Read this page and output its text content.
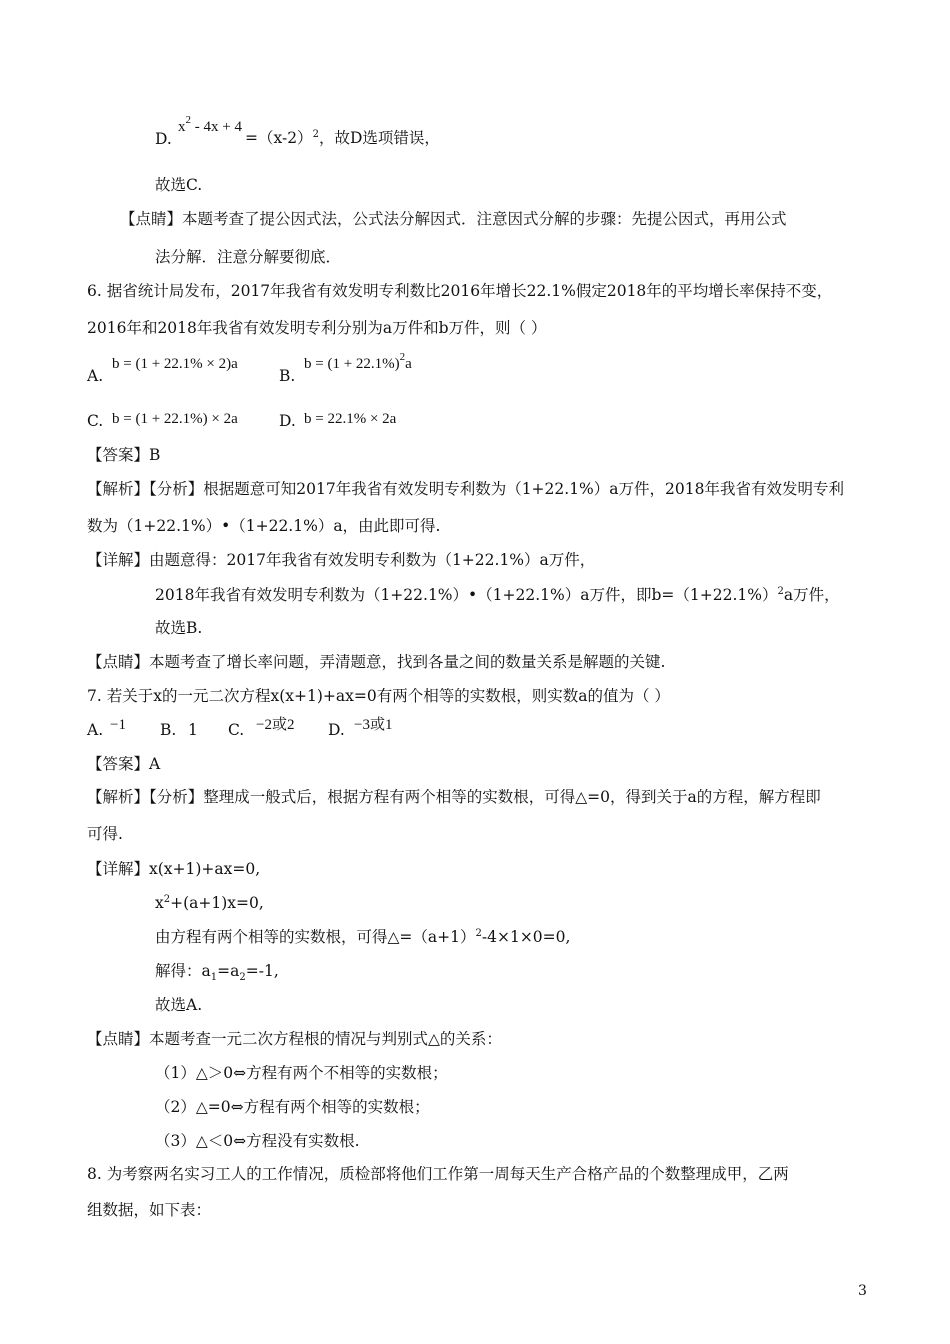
D.
$x^2 - 4x + 4$
$=(x-2)^2$，故D选项错误，
故选C.
【点睛】本题考查了提公因式法，公式法分解因式．注意因式分解的步骤：先提公因式，再用公式
法分解．注意分解要彻底．
6. 据省统计局发布，2017年我省有效发明专利数比2016年增长22.1%假定2018年的平均增长率保持不变，
2016年和2018年我省有效发明专利分别为a万件和b万件，则（ ）
A.
b = (1 + 22.1% × 2)a
B.
$b = (1 + 22.1\%)^2a$
C. b = (1 + 22.1%) × 2a	D. b = 22.1% × 2a
【答案】B
【解析】【分析】根据题意可知2017年我省有效发明专利数为（1+22.1%）a万件，2018年我省有效发明专利
数为（1+22.1%）•（1+22.1%）a，由此即可得.
【详解】由题意得：2017年我省有效发明专利数为（1+22.1%）a万件，
2018年我省有效发明专利数为（1+22.1%）•（1+22.1%）a万件，即$b=(1+22.1\%)^2a$万件，
故选B.
【点睛】本题考查了增长率问题，弄清题意，找到各量之间的数量关系是解题的关键.
7. 若关于x的一元二次方程x(x+1)+ax=0有两个相等的实数根，则实数a的值为（ ）
A. −1 B. 1 C. −2或2 D. −3或1
【答案】A
【解析】【分析】整理成一般式后，根据方程有两个相等的实数根，可得△=0，得到关于a的方程，解方程即
可得.
【详解】x(x+1)+ax=0,
$x^2+(a+1)x=0$,
由方程有两个相等的实数根，可得$\triangle=(a+1)^2-4\times 1\times 0=0$,
解得：$a_1=a_2=-1$,
故选A.
【点睛】本题考查一元二次方程根的情况与判别式△的关系：
（1）△＞0⇔方程有两个不相等的实数根；
（2）△=0⇔方程有两个相等的实数根；
（3）△＜0⇔方程没有实数根.
8. 为考察两名实习工人的工作情况，质检部将他们工作第一周每天生产合格产品的个数整理成甲，乙两
组数据，如下表：
3
